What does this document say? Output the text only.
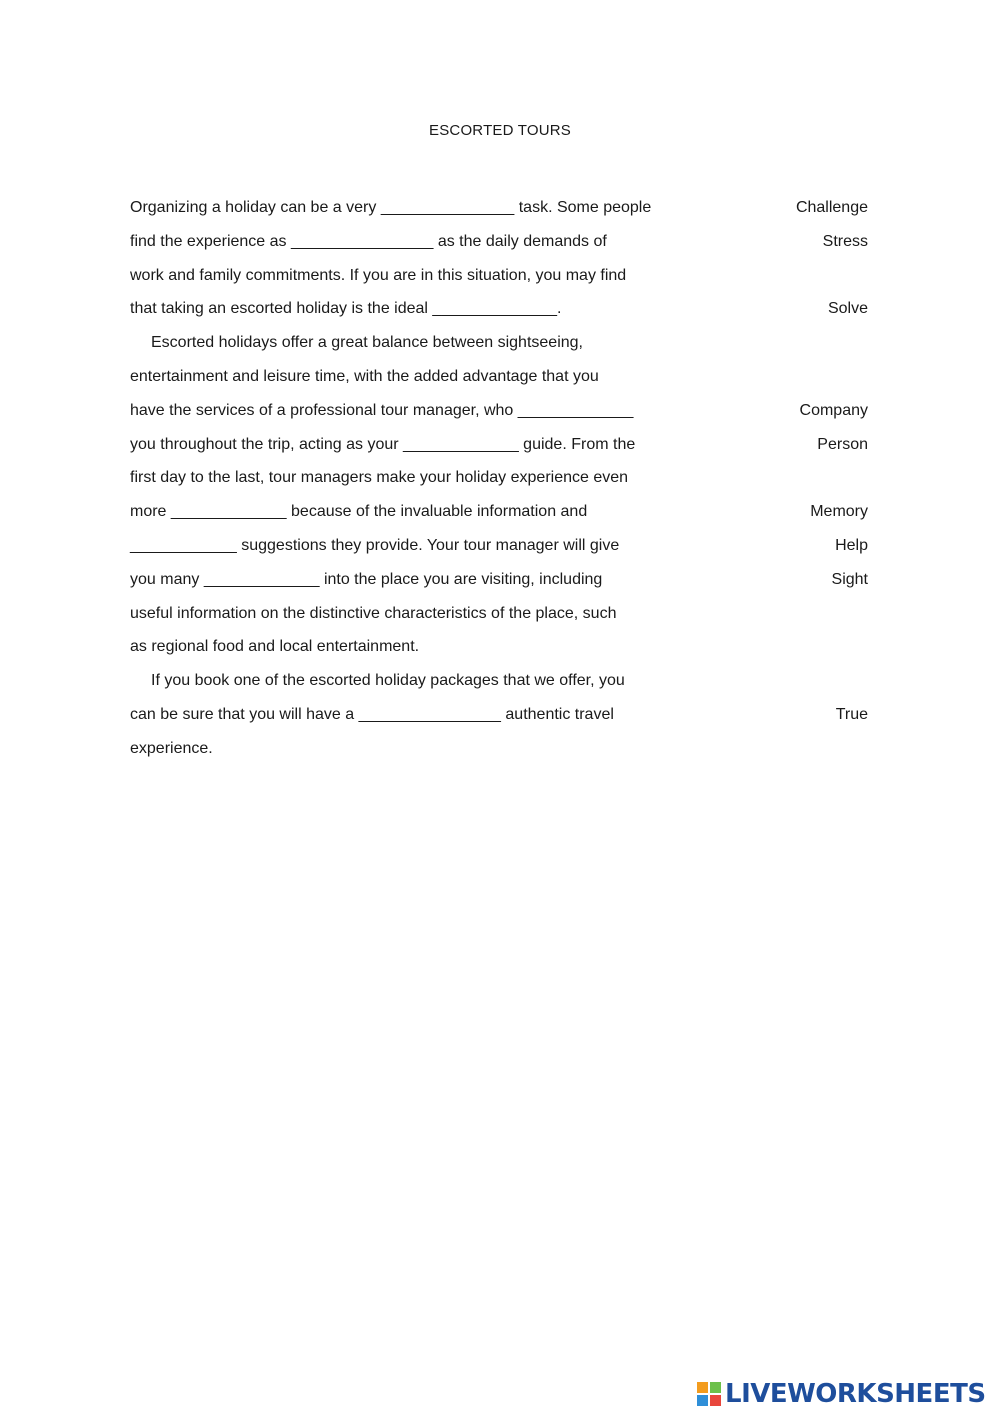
ESCORTED TOURS
Organizing a holiday can be a very _______________ task. Some people	Challenge
find the experience as ________________ as the daily demands of	Stress
work and family commitments. If you are in this situation, you may find
that taking an escorted holiday is the ideal ______________.	Solve
Escorted holidays offer a great balance between sightseeing,
entertainment and leisure time, with the added advantage that you
have the services of a professional tour manager, who _____________	Company
you throughout the trip, acting as your _____________ guide. From the	Person
first day to the last, tour managers make your holiday experience even
more _____________ because of the invaluable information and	Memory
____________ suggestions they provide. Your tour manager will give	Help
you many _____________ into the place you are visiting, including	Sight
useful information on the distinctive characteristics of the place, such
as regional food and local entertainment.
If you book one of the escorted holiday packages that we offer, you
can be sure that you will have a ________________ authentic travel	True
experience.
LIVEWORKSHEETS
